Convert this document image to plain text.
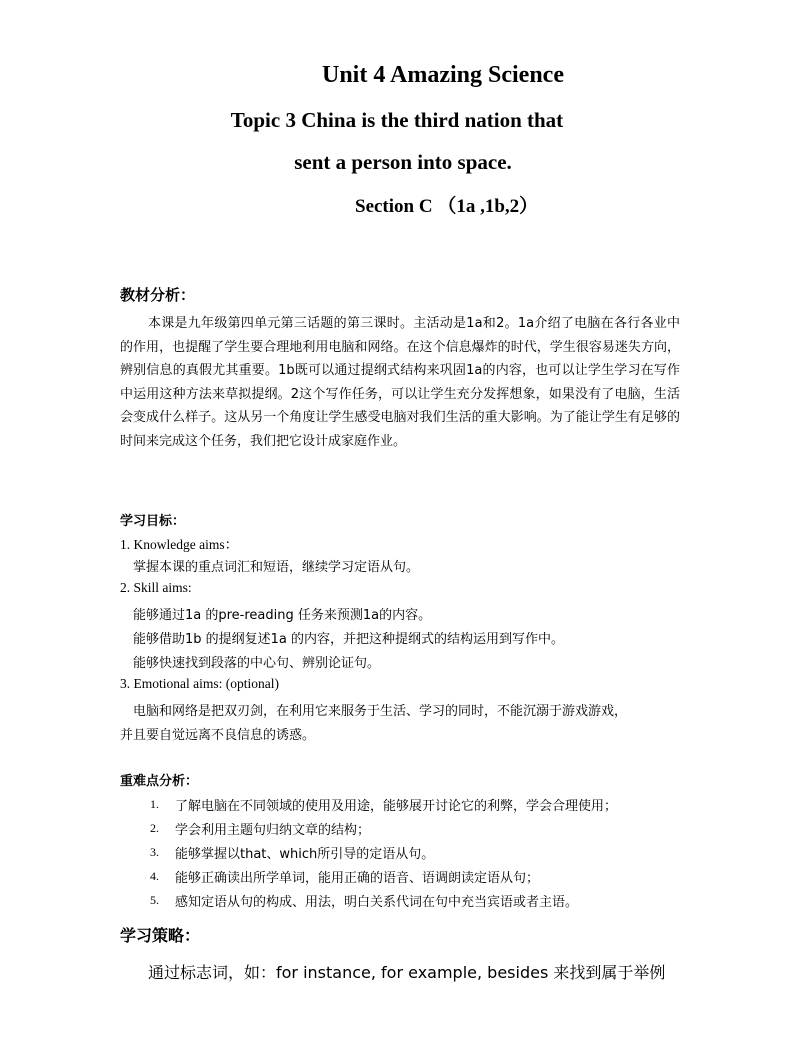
Unit 4 Amazing Science
Topic 3 China is the third nation that
sent a person into space.
Section C （1a ,1b,2）
教材分析：
本课是九年级第四单元第三话题的第三课时。主活动是1a和2。1a介绍了电脑在各行各业中的作用，也提醒了学生要合理地利用电脑和网络。在这个信息爆炸的时代，学生很容易迷失方向，辨别信息的真假尤其重要。1b既可以通过提纲式结构来巩固1a的内容，也可以让学生学习在写作中运用这种方法来草拟提纲。2这个写作任务，可以让学生充分发挥想象，如果没有了电脑，生活会变成什么样子。这从另一个角度让学生感受电脑对我们生活的重大影响。为了能让学生有足够的时间来完成这个任务，我们把它设计成家庭作业。
学习目标：
1. Knowledge aims：
掌握本课的重点词汇和短语，继续学习定语从句。
2. Skill aims:
能够通过1a 的pre-reading 任务来预测1a的内容。
能够借助1b 的提纲复述1a 的内容，并把这种提纲式的结构运用到写作中。
能够快速找到段落的中心句、辨别论证句。
3. Emotional aims: (optional)
电脑和网络是把双刃剑，在利用它来服务于生活、学习的同时，不能沉溺于游戏游戏，
并且要自觉远离不良信息的诱惑。
重难点分析：
1. 了解电脑在不同领域的使用及用途，能够展开讨论它的利弊，学会合理使用；
2. 学会利用主题句归纳文章的结构；
3. 能够掌握以that、which所引导的定语从句。
4. 能够正确读出所学单词，能用正确的语音、语调朗读定语从句；
5. 感知定语从句的构成、用法，明白关系代词在句中充当宾语或者主语。
学习策略：
通过标志词，如：for instance, for example, besides 来找到属于举例
